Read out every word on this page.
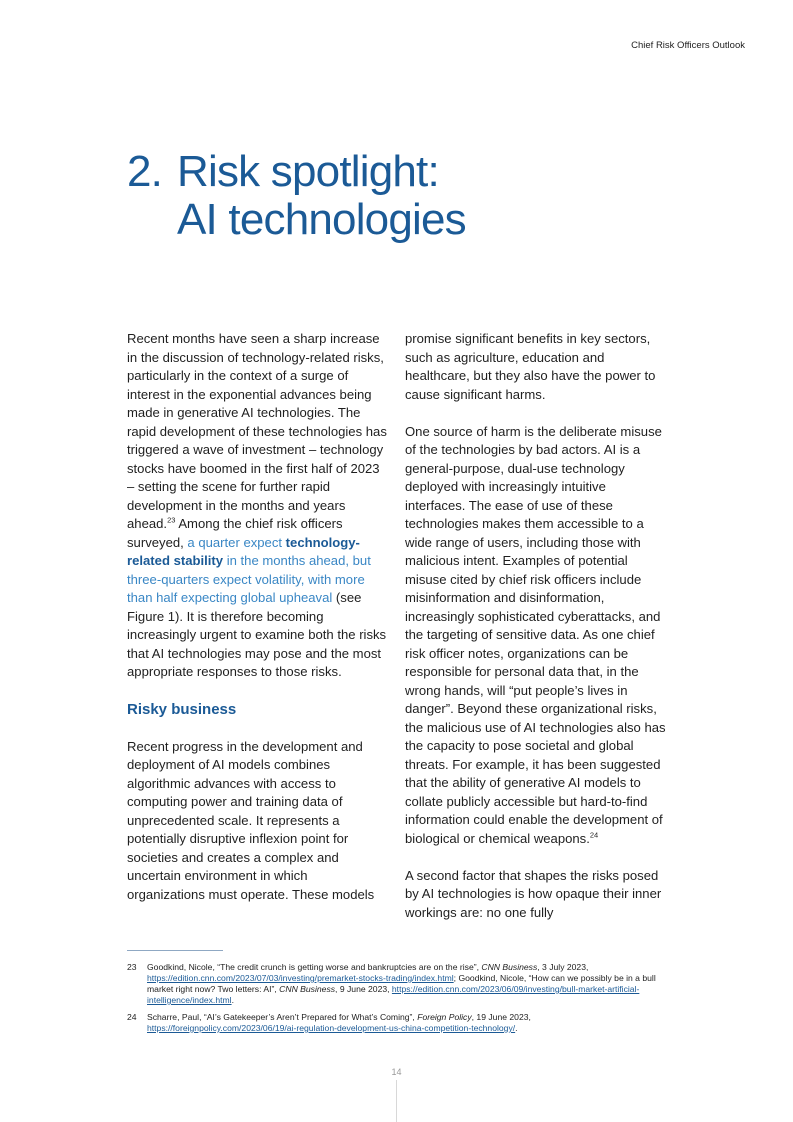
Chief Risk Officers Outlook
2. Risk spotlight:
AI technologies

Recent months have seen a sharp increase in the discussion of technology-related risks, particularly in the context of a surge of interest in the exponential advances being made in generative AI technologies. The rapid development of these technologies has triggered a wave of investment – technology stocks have boomed in the first half of 2023 – setting the scene for further rapid development in the months and years ahead.$^{23}$ Among the chief risk officers surveyed, a quarter expect technology-related stability in the months ahead, but three-quarters expect volatility, with more than half expecting global upheaval (see Figure 1). It is therefore becoming increasingly urgent to examine both the risks that AI technologies may pose and the most appropriate responses to those risks.

Risky business

Recent progress in the development and deployment of AI models combines algorithmic advances with access to computing power and training data of unprecedented scale. It represents a potentially disruptive inflexion point for societies and creates a complex and uncertain environment in which organizations must operate. These models

promise significant benefits in key sectors, such as agriculture, education and healthcare, but they also have the power to cause significant harms.

One source of harm is the deliberate misuse of the technologies by bad actors. AI is a general-purpose, dual-use technology deployed with increasingly intuitive interfaces. The ease of use of these technologies makes them accessible to a wide range of users, including those with malicious intent. Examples of potential misuse cited by chief risk officers include misinformation and disinformation, increasingly sophisticated cyberattacks, and the targeting of sensitive data. As one chief risk officer notes, organizations can be responsible for personal data that, in the wrong hands, will “put people’s lives in danger”. Beyond these organizational risks, the malicious use of AI technologies also has the capacity to pose societal and global threats. For example, it has been suggested that the ability of generative AI models to collate publicly accessible but hard-to-find information could enable the development of biological or chemical weapons.$^{24}$

A second factor that shapes the risks posed by AI technologies is how opaque their inner workings are: no one fully

23	Goodkind, Nicole, “The credit crunch is getting worse and bankruptcies are on the rise”, CNN Business, 3 July 2023, https://edition.cnn.com/2023/07/03/investing/premarket-stocks-trading/index.html; Goodkind, Nicole, “How can we possibly be in a bull market right now? Two letters: AI”, CNN Business, 9 June 2023, https://edition.cnn.com/2023/06/09/investing/bull-market-artificial-intelligence/index.html.
24	Scharre, Paul, “AI’s Gatekeeper’s Aren’t Prepared for What’s Coming”, Foreign Policy, 19 June 2023, https://foreignpolicy.com/2023/06/19/ai-regulation-development-us-china-competition-technology/.
14
